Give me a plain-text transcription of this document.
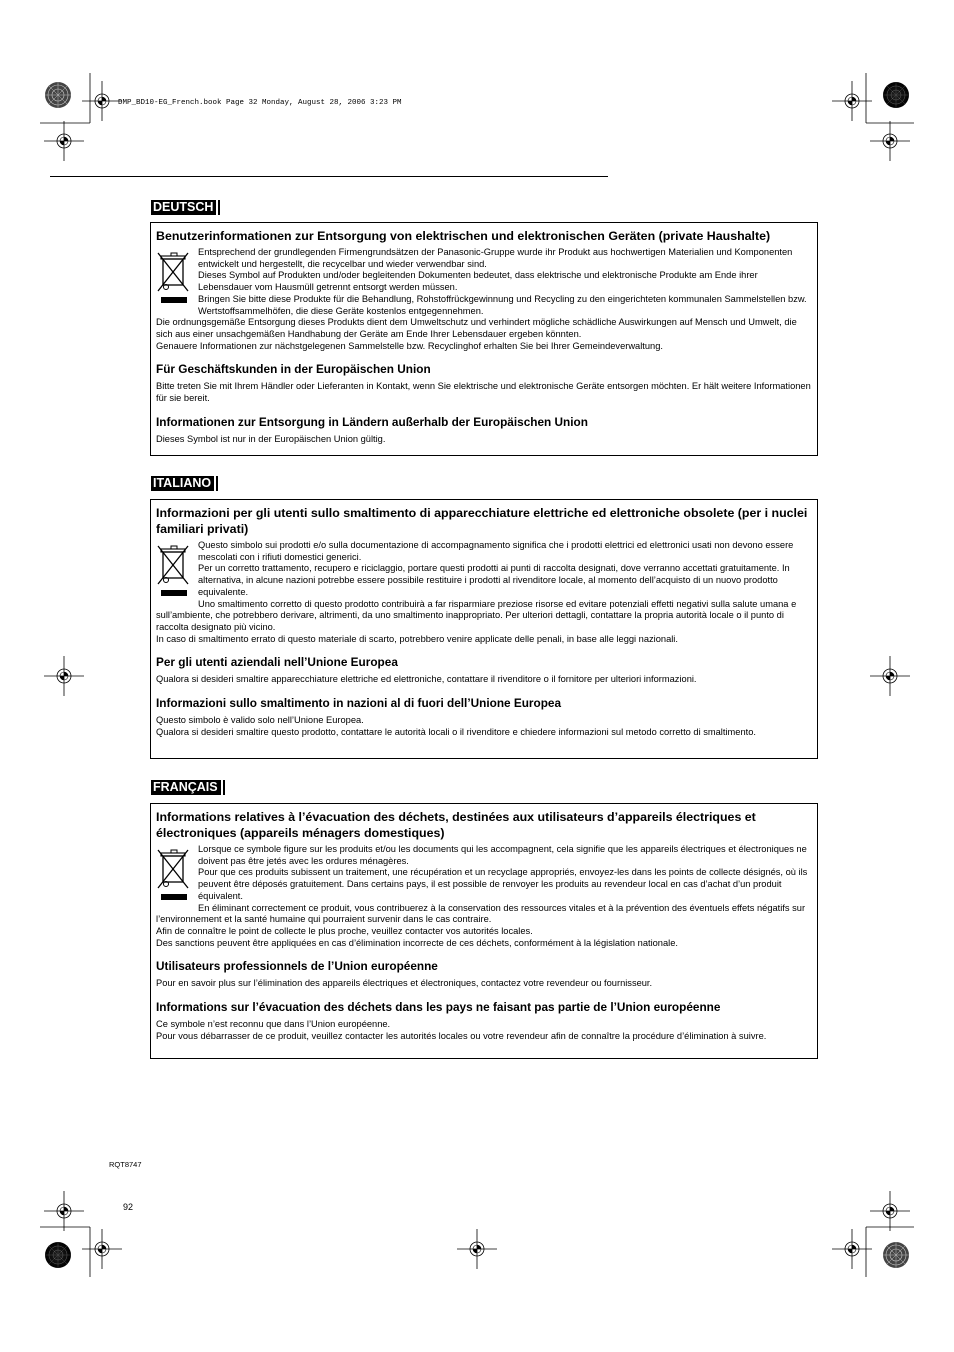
DMP_BD10-EG_French.book Page 32 Monday, August 28, 2006 3:23 PM
DEUTSCH
Benutzerinformationen zur Entsorgung von elektrischen und elektronischen Geräten (private Haushalte)

Entsprechend der grundlegenden Firmengrundsätzen der Panasonic-Gruppe wurde ihr Produkt aus hochwertigen Materialien und Komponenten entwickelt und hergestellt, die recycelbar und wieder verwendbar sind.

Dieses Symbol auf Produkten und/oder begleitenden Dokumenten bedeutet, dass elektrische und elektronische Produkte am Ende ihrer Lebensdauer vom Hausmüll getrennt entsorgt werden müssen.

Bringen Sie bitte diese Produkte für die Behandlung, Rohstoffrückgewinnung und Recycling zu den eingerichteten kommunalen Sammelstellen bzw. Wertstoffsammelhöfen, die diese Geräte kostenlos entgegennehmen.

Die ordnungsgemäße Entsorgung dieses Produkts dient dem Umweltschutz und verhindert mögliche schädliche Auswirkungen auf Mensch und Umwelt, die sich aus einer unsachgemäßen Handhabung der Geräte am Ende Ihrer Lebensdauer ergeben könnten.

Genauere Informationen zur nächstgelegenen Sammelstelle bzw. Recyclinghof erhalten Sie bei Ihrer Gemeindeverwaltung.

Für Geschäftskunden in der Europäischen Union

Bitte treten Sie mit Ihrem Händler oder Lieferanten in Kontakt, wenn Sie elektrische und elektronische Geräte entsorgen möchten. Er hält weitere Informationen für sie bereit.

Informationen zur Entsorgung in Ländern außerhalb der Europäischen Union

Dieses Symbol ist nur in der Europäischen Union gültig.

ITALIANO
Informazioni per gli utenti sullo smaltimento di apparecchiature elettriche ed elettroniche obsolete (per i nuclei familiari privati)

Questo simbolo sui prodotti e/o sulla documentazione di accompagnamento significa che i prodotti elettrici ed elettronici usati non devono essere mescolati con i rifiuti domestici generici.

Per un corretto trattamento, recupero e riciclaggio, portare questi prodotti ai punti di raccolta designati, dove verranno accettati gratuitamente. In alternativa, in alcune nazioni potrebbe essere possibile restituire i prodotti al rivenditore locale, al momento dell’acquisto di un nuovo prodotto equivalente.

Uno smaltimento corretto di questo prodotto contribuirà a far risparmiare preziose risorse ed evitare potenziali effetti negativi sulla salute umana e sull’ambiente, che potrebbero derivare, altrimenti, da uno smaltimento inappropriato. Per ulteriori dettagli, contattare la propria autorità locale o il punto di raccolta designato più vicino.

In caso di smaltimento errato di questo materiale di scarto, potrebbero venire applicate delle penali, in base alle leggi nazionali.

Per gli utenti aziendali nell’Unione Europea

Qualora si desideri smaltire apparecchiature elettriche ed elettroniche, contattare il rivenditore o il fornitore per ulteriori informazioni.

Informazioni sullo smaltimento in nazioni al di fuori dell’Unione Europea

Questo simbolo è valido solo nell’Unione Europea.

Qualora si desideri smaltire questo prodotto, contattare le autorità locali o il rivenditore e chiedere informazioni sul metodo corretto di smaltimento.

FRANÇAIS
Informations relatives à l’évacuation des déchets, destinées aux utilisateurs d’appareils électriques et électroniques (appareils ménagers domestiques)

Lorsque ce symbole figure sur les produits et/ou les documents qui les accompagnent, cela signifie que les appareils électriques et électroniques ne doivent pas être jetés avec les ordures ménagères.

Pour que ces produits subissent un traitement, une récupération et un recyclage appropriés, envoyez-les dans les points de collecte désignés, où ils peuvent être déposés gratuitement. Dans certains pays, il est possible de renvoyer les produits au revendeur local en cas d’achat d’un produit équivalent.

En éliminant correctement ce produit, vous contribuerez à la conservation des ressources vitales et à la prévention des éventuels effets négatifs sur l’environnement et la santé humaine qui pourraient survenir dans le cas contraire.

Afin de connaître le point de collecte le plus proche, veuillez contacter vos autorités locales.

Des sanctions peuvent être appliquées en cas d’élimination incorrecte de ces déchets, conformément à la législation nationale.

Utilisateurs professionnels de l’Union européenne

Pour en savoir plus sur l’élimination des appareils électriques et électroniques, contactez votre revendeur ou fournisseur.

Informations sur l’évacuation des déchets dans les pays ne faisant pas partie de l’Union européenne

Ce symbole n’est reconnu que dans l’Union européenne.

Pour vous débarrasser de ce produit, veuillez contacter les autorités locales ou votre revendeur afin de connaître la procédure d’élimination à suivre.

RQT8747
92
